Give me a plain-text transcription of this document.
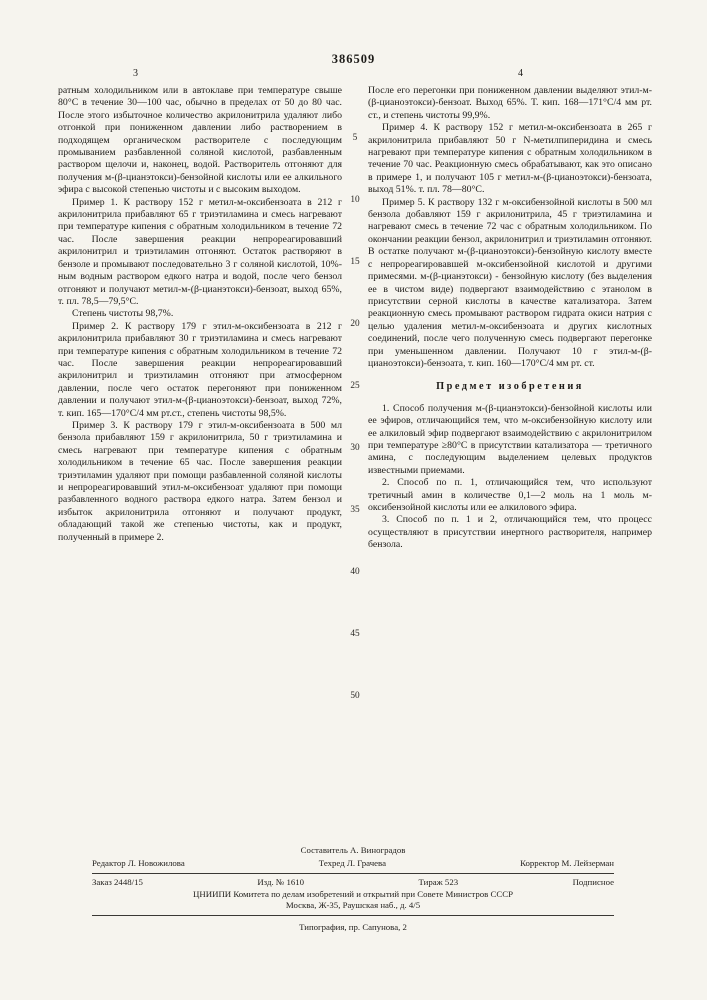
386509
3	4

ратным холодильником или в автоклаве при температуре свыше 80°С в течение 30—100 час, обычно в пределах от 50 до 80 час. После этого избыточное количество акрилонитрила удаляют либо отгонкой при пониженном давлении либо растворением в подходящем органическом растворителе с последующим промыванием разбавленной соляной кислотой, разбавленным раствором щелочи и, наконец, водой. Растворитель отгоняют для получения м-(β-цианэтокси)-бензойной кислоты или ее алкильного эфира с высокой степенью чистоты и с высоким выходом.

Пример 1. К раствору 152 г метил-м-оксибензоата в 212 г акрилонитрила прибавляют 65 г триэтиламина и смесь нагревают при температуре кипения с обратным холодильником в течение 72 час. После завершения реакции непрореагировавший акрилонитрил и триэтиламин отгоняют. Остаток растворяют в бензоле и промывают последовательно 3 г соляной кислотой, 10%-ным водным раствором едкого натра и водой, после чего бензол отгоняют и получают метил-м-(β-цианэтокси)-бензоат, выход 65%, т. пл. 78,5—79,5°С.

Степень чистоты 98,7%.

Пример 2. К раствору 179 г этил-м-оксибензоата в 212 г акрилонитрила прибавляют 30 г триэтиламина и смесь нагревают при температуре кипения с обратным холодильником в течение 72 час. После завершения реакции непрореагировавший акрилонитрил и триэтиламин отгоняют при атмосферном давлении, после чего остаток перегоняют при пониженном давлении и получают этил-м-(β-цианоэтокси)-бензоат, выход 72%, т. кип. 165—170°С/4 мм рт.ст., степень чистоты 98,5%.

Пример 3. К раствору 179 г этил-м-оксибензоата в 500 мл бензола прибавляют 159 г акрилонитрила, 50 г триэтиламина и смесь нагревают при температуре кипения с обратным холодильником в течение 65 час. После завершения реакции триэтиламин удаляют при помощи разбавленной соляной кислоты и непрореагировавший этил-м-оксибензоат удаляют при помощи разбавленного водного раствора едкого натра. Затем бензол и избыток акрилонитрила отгоняют и получают продукт, обладающий такой же степенью чистоты, как и продукт, полученный в примере 2.

5
10
15
20
25
30
35
40
45
50

После его перегонки при пониженном давлении выделяют этил-м-(β-цианоэтокси)-бензоат. Выход 65%. Т. кип. 168—171°С/4 мм рт. ст., и степень чистоты 99,9%.

Пример 4. К раствору 152 г метил-м-оксибензоата в 265 г акрилонитрила прибавляют 50 г N-метилпиперидина и смесь нагревают при температуре кипения с обратным холодильником в течение 70 час. Реакционную смесь обрабатывают, как это описано в примере 1, и получают 105 г метил-м-(β-цианоэтокси)-бензоата, выход 51%. т. пл. 78—80°С.

Пример 5. К раствору 132 г м-оксибензойной кислоты в 500 мл бензола добавляют 159 г акрилонитрила, 45 г триэтиламина и нагревают смесь в течение 72 час с обратным холодильником. По окончании реакции бензол, акрилонитрил и триэтиламин отгоняют. В остатке получают м-(β-цианоэтокси)-бензойную кислоту вместе с непрореагировавшей м-оксибензойной кислотой и другими примесями. м-(β-цианэтокси) - бензойную кислоту (без выделения ее в чистом виде) подвергают взаимодействию с этанолом в присутствии серной кислоты в качестве катализатора. Затем реакционную смесь промывают раствором гидрата окиси натрия с целью удаления метил-м-оксибензоата и других кислотных соединений, после чего полученную смесь подвергают перегонке при уменьшенном давлении. Получают 10 г этил-м-(β-цианоэтокси)-бензоата, т. кип. 160—170°С/4 мм рт. ст.

Предмет изобретения

1. Способ получения м-(β-цианэтокси)-бензойной кислоты или ее эфиров, отличающийся тем, что м-оксибензойную кислоту или ее алкиловый эфир подвергают взаимодействию с акрилонитрилом при температуре ≥80°С в присутствии катализатора — третичного амина, с последующим выделением целевых продуктов известными приемами.

2. Способ по п. 1, отличающийся тем, что используют третичный амин в количестве 0,1—2 моль на 1 моль м-оксибензойной кислоты или ее алкилового эфира.

3. Способ по п. 1 и 2, отличающийся тем, что процесс осуществляют в присутствии инертного растворителя, например бензола.

Составитель А. Виноградов
Редактор Л. Новожилова	Техред Л. Грачева	Корректор М. Лейзерман
Заказ 2448/15	Изд. № 1610	Тираж 523	Подписное
ЦНИИПИ Комитета по делам изобретений и открытий при Совете Министров СССР
Москва, Ж-35, Раушская наб., д. 4/5
Типография, пр. Сапунова, 2
